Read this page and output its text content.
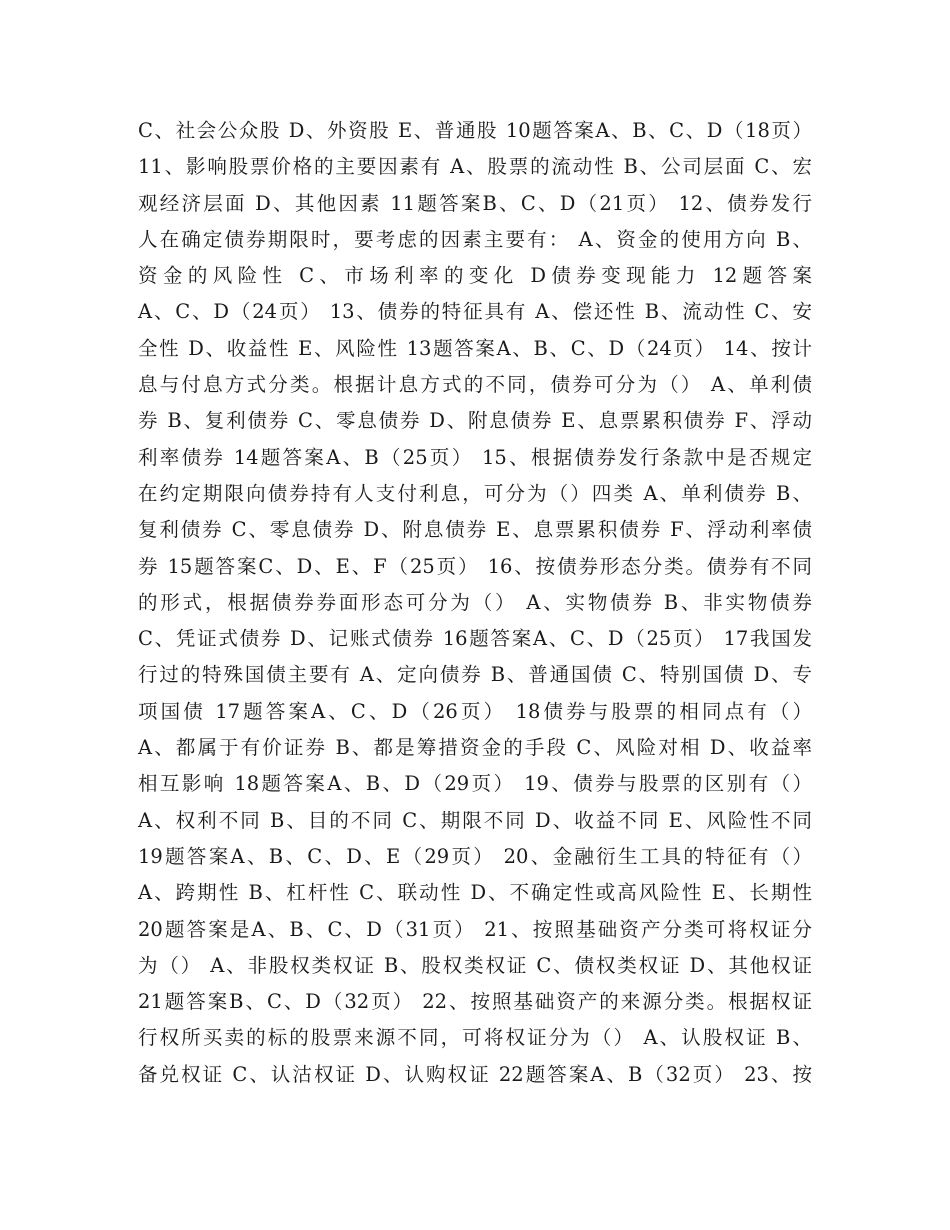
C、社会公众股 D、外资股 E、普通股 10题答案A、B、C、D（18页）
11、影响股票价格的主要因素有 A、股票的流动性 B、公司层面 C、宏
观经济层面 D、其他因素 11题答案B、C、D（21页） 12、债券发行
人在确定债券期限时，要考虑的因素主要有： A、资金的使用方向 B、
资金的风险性 C、市场利率的变化 D债券变现能力 12题答案
A、C、D（24页） 13、债券的特征具有 A、偿还性 B、流动性 C、安
全性 D、收益性 E、风险性 13题答案A、B、C、D（24页） 14、按计
息与付息方式分类。根据计息方式的不同，债券可分为（） A、单利债
券 B、复利债券 C、零息债券 D、附息债券 E、息票累积债券 F、浮动
利率债券 14题答案A、B（25页） 15、根据债券发行条款中是否规定
在约定期限向债券持有人支付利息，可分为（）四类 A、单利债券 B、
复利债券 C、零息债券 D、附息债券 E、息票累积债券 F、浮动利率债
券 15题答案C、D、E、F（25页） 16、按债券形态分类。债券有不同
的形式，根据债券券面形态可分为（） A、实物债券 B、非实物债券
C、凭证式债券 D、记账式债券 16题答案A、C、D（25页） 17我国发
行过的特殊国债主要有 A、定向债券 B、普通国债 C、特别国债 D、专
项国债 17题答案A、C、D（26页） 18债券与股票的相同点有（）
A、都属于有价证券 B、都是筹措资金的手段 C、风险对相 D、收益率
相互影响 18题答案A、B、D（29页） 19、债券与股票的区别有（）
A、权利不同 B、目的不同 C、期限不同 D、收益不同 E、风险性不同
19题答案A、B、C、D、E（29页） 20、金融衍生工具的特征有（）
A、跨期性 B、杠杆性 C、联动性 D、不确定性或高风险性 E、长期性
20题答案是A、B、C、D（31页） 21、按照基础资产分类可将权证分
为（） A、非股权类权证 B、股权类权证 C、债权类权证 D、其他权证
21题答案B、C、D（32页） 22、按照基础资产的来源分类。根据权证
行权所买卖的标的股票来源不同，可将权证分为（） A、认股权证 B、
备兑权证 C、认沽权证 D、认购权证 22题答案A、B（32页） 23、按
